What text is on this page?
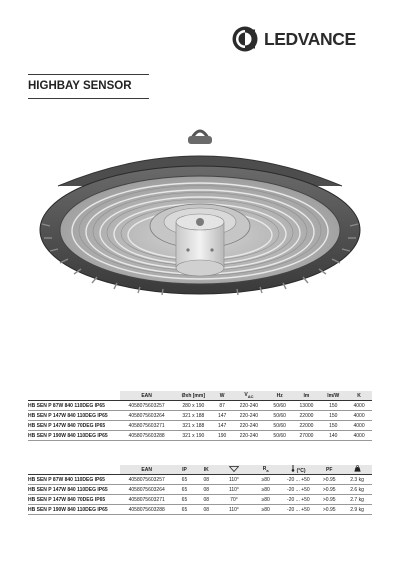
LEDVANCE
HIGHBAY SENSOR
	EAN	Øxh [mm]	W	$V_{AC}$	Hz	lm	lm/W	K
HB SEN P 87W 840 110DEG IP65	4058075603257	280 x 190	87	220-240	50/60	13000	150	4000
HB SEN P 147W 840 110DEG IP65	4058075603264	321 x 188	147	220-240	50/60	22000	150	4000
HB SEN P 147W 840 70DEG IP65	4058075603271	321 x 188	147	220-240	50/60	22000	150	4000
HB SEN P 190W 840 110DEG IP65	4058075603288	321 x 190	190	220-240	50/60	27000	140	4000
	EAN	IP	IK		$R_a$	(°C)	PF	
HB SEN P 87W 840 110DEG IP65	4058075603257	65	08	110°	≥80	-20 ... +50	>0.95	2.3 kg
HB SEN P 147W 840 110DEG IP65	4058075603264	65	08	110°	≥80	-20 ... +50	>0.95	2.6 kg
HB SEN P 147W 840 70DEG IP65	4058075603271	65	08	70°	≥80	-20 ... +50	>0.95	2.7 kg
HB SEN P 190W 840 110DEG IP65	4058075603288	65	08	110°	≥80	-20 ... +50	>0.95	2.9 kg
